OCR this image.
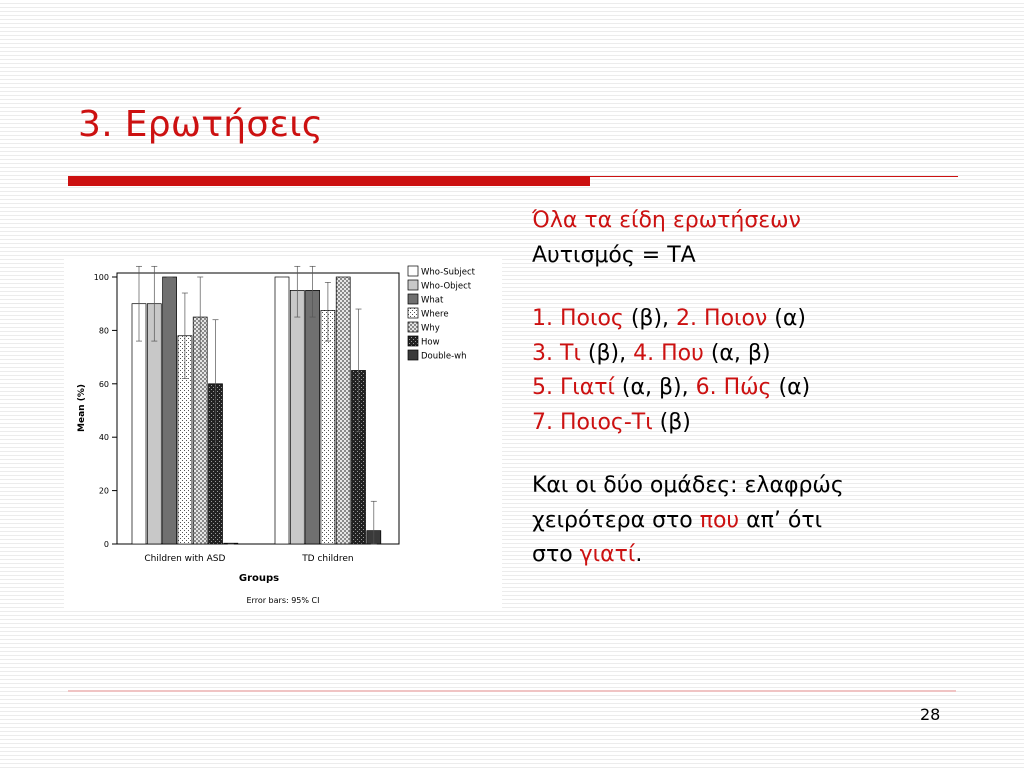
3. Ερωτήσεις
0
20
40
60
80
100
Children with ASD	TD children
Mean (%)
Groups
Error bars: 95% CI
Who-Subject
Who-Object
What
Where
Why
How
Double-wh
Όλα τα είδη ερωτήσεων
Αυτισμός = ΤΑ
1. Ποιος (β), 2. Ποιον (α)
3. Τι (β), 4. Που (α, β)
5. Γιατί (α, β), 6. Πώς (α)
7. Ποιος-Τι (β)
Και οι δύο ομάδες: ελαφρώς
χειρότερα στο που απ’ ότι
στο γιατί.
28
